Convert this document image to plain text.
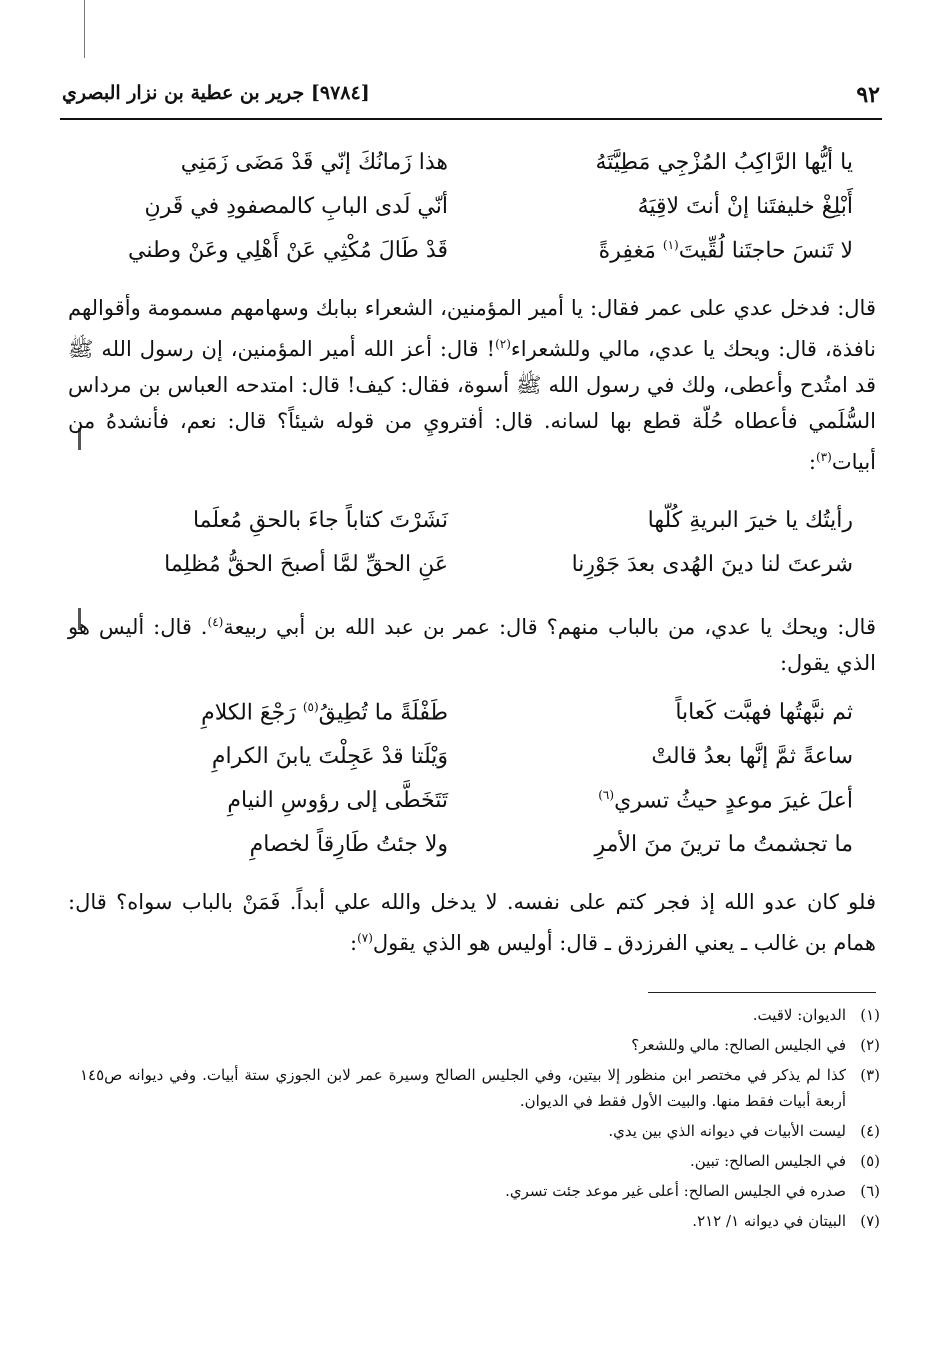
٩٢
[٩٧٨٤] جرير بن عطية بن نزار البصري
يا أيُّها الرَّاكِبُ المُزْجِي مَطِيَّتَهُ
هذا زَمانُكَ إنّي قَدْ مَضَى زَمَنِي
أَبْلِغْ خليفتَنا إنْ أنتَ لاقِيَهُ
أنّي لَدى البابِ كالمصفودِ في قَرنِ
لا تَنسَ حاجتَنا لُقِّيتَ$^{(١)}$ مَغفِرةً
قَدْ طَالَ مُكْثِي عَنْ أَهْلِي وعَنْ وطني

قال: فدخل عدي على عمر فقال: يا أمير المؤمنين، الشعراء ببابك وسهامهم مسمومة وأقوالهم نافذة، قال: ويحك يا عدي، مالي وللشعراء$^{(٢)}$! قال: أعز الله أمير المؤمنين، إن رسول الله ﷺ قد امتُدح وأعطى، ولك في رسول الله ﷺ أسوة، فقال: كيف! قال: امتدحه العباس بن مرداس السُّلَمي فأعطاه حُلّة قطع بها لسانه. قال: أفترويِ من قوله شيئاً؟ قال: نعم، فأنشدهُ من أبيات$^{(٣)}$:

رأيتُك يا خيرَ البريةِ كُلّها
نَشَرْتَ كتاباً جاءَ بالحقِ مُعلَما
شرعتَ لنا دينَ الهُدى بعدَ جَوْرِنا
عَنِ الحقِّ لمَّا أصبحَ الحقُّ مُظلِما

قال: ويحك يا عدي، من بالباب منهم؟ قال: عمر بن عبد الله بن أبي ربيعة$^{(٤)}$. قال: أليس هو الذي يقول:

ثم نبَّهتُها فهبَّت كَعاباً
طَفْلَةً ما تُطِيقُ$^{(٥)}$ رَجْعَ الكلامِ
ساعةً ثمَّ إنَّها بعدُ قالتْ
وَيْلَتا قدْ عَجِلْتَ يابنَ الكرامِ
أعلَ غيرَ موعدٍ حيثُ تسري$^{(٦)}$
تَتَخَطَّى إلى رؤوسِ النيامِ
ما تجشمتُ ما ترينَ منَ الأمرِ
ولا جئتُ طَارِقاً لخصامِ

فلو كان عدو الله إذ فجر كتم على نفسه. لا يدخل والله علي أبداً. فَمَنْ بالباب سواه؟ قال: همام بن غالب ـ يعني الفرزدق ـ قال: أوليس هو الذي يقول$^{(٧)}$:

(١)
الديوان: لاقيت.
(٢)
في الجليس الصالح: مالي وللشعر؟
(٣)
كذا لم يذكر في مختصر ابن منظور إلا بيتين، وفي الجليس الصالح وسيرة عمر لابن الجوزي ستة أبيات. وفي ديوانه ص١٤٥ أربعة أبيات فقط منها. والبيت الأول فقط في الديوان.
(٤)
ليست الأبيات في ديوانه الذي بين يدي.
(٥)
في الجليس الصالح: تبين.
(٦)
صدره في الجليس الصالح: أعلى غير موعد جئت تسري.
(٧)
البيتان في ديوانه ١/ ٢١٢.
